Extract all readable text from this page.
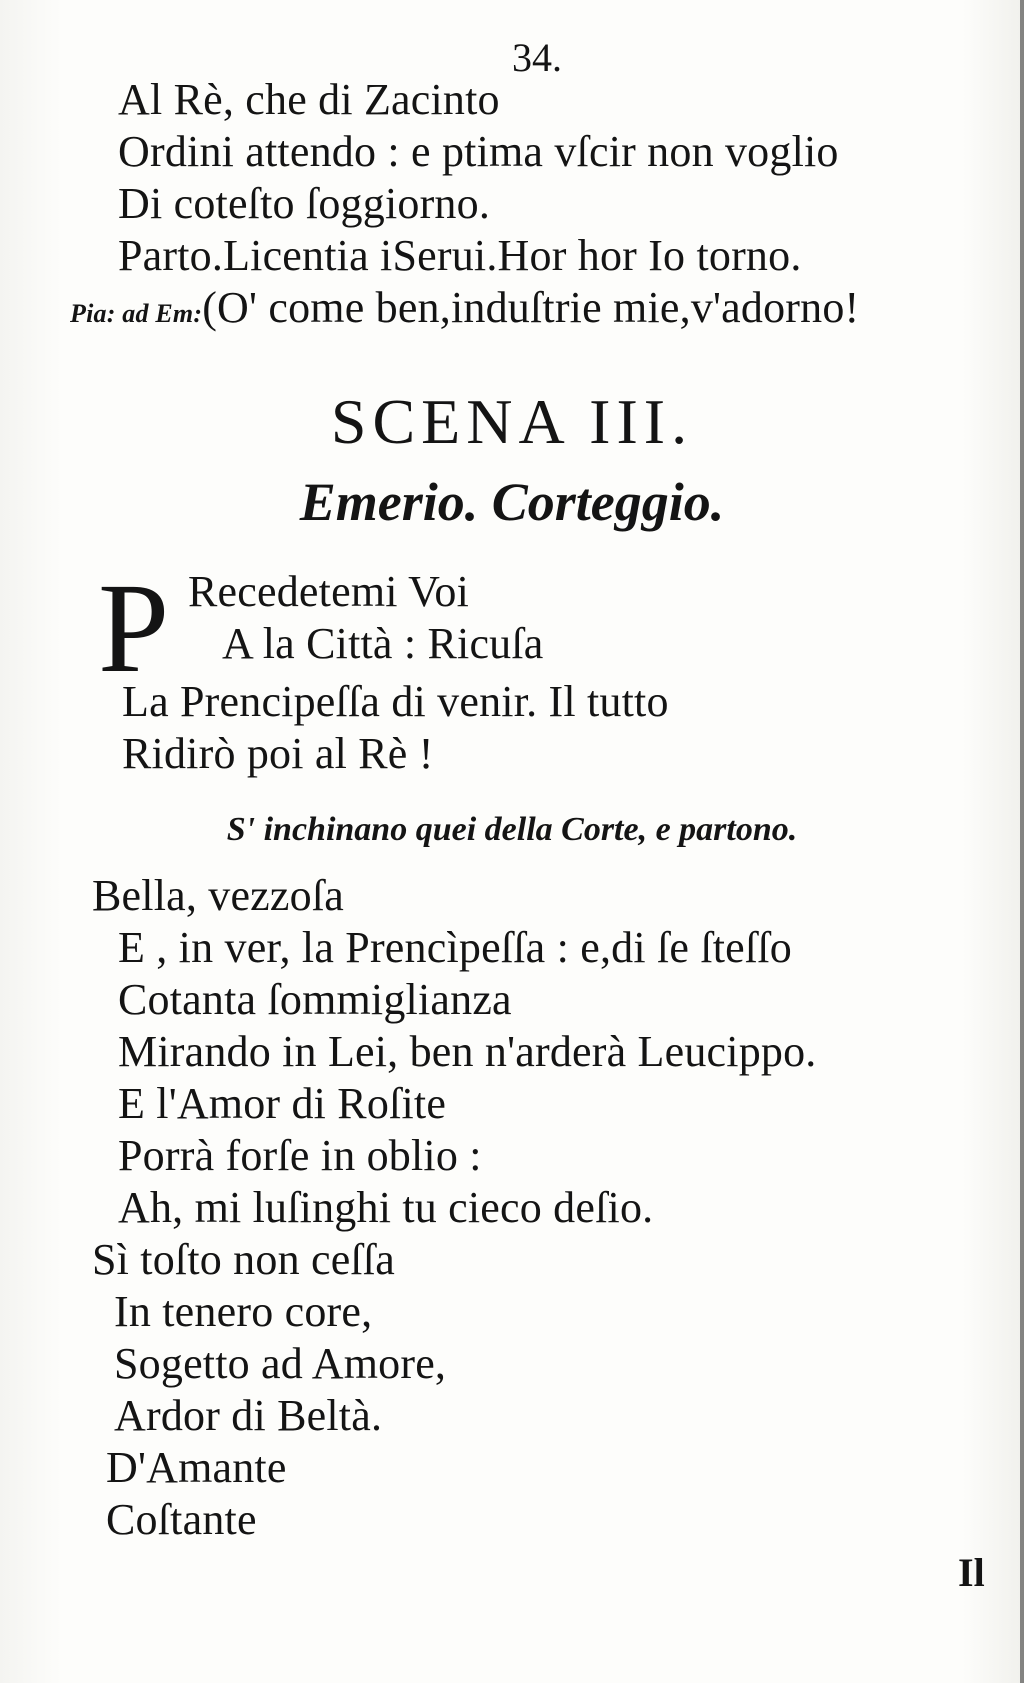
34.
Al Rè, che di Zacinto
Ordini attendo : e ptima vſcir non voglio
Di coteſto ſoggiorno.
Parto.Licentia iSerui.Hor hor Io torno.
Pia: ad Em:(O' come ben,induſtrie mie,v'adorno!
SCENA III.
Emerio. Corteggio.
P Recedetemi Voi
A la Città : Ricuſa
La Prencipeſſa di venir. Il tutto
Ridirò poi al Rè !
S' inchinano quei della Corte, e partono.
Bella, vezzoſa
E , in ver, la Prencìpeſſa : e,di ſe ſteſſo
Cotanta ſommiglianza
Mirando in Lei, ben n'arderà Leucippo.
E l'Amor di Roſite
Porrà forſe in oblio :
Ah, mi luſinghi tu cieco deſio.
Sì toſto non ceſſa
In tenero core,
Sogetto ad Amore,
Ardor di Beltà.
D'Amante
Coſtante
Il
